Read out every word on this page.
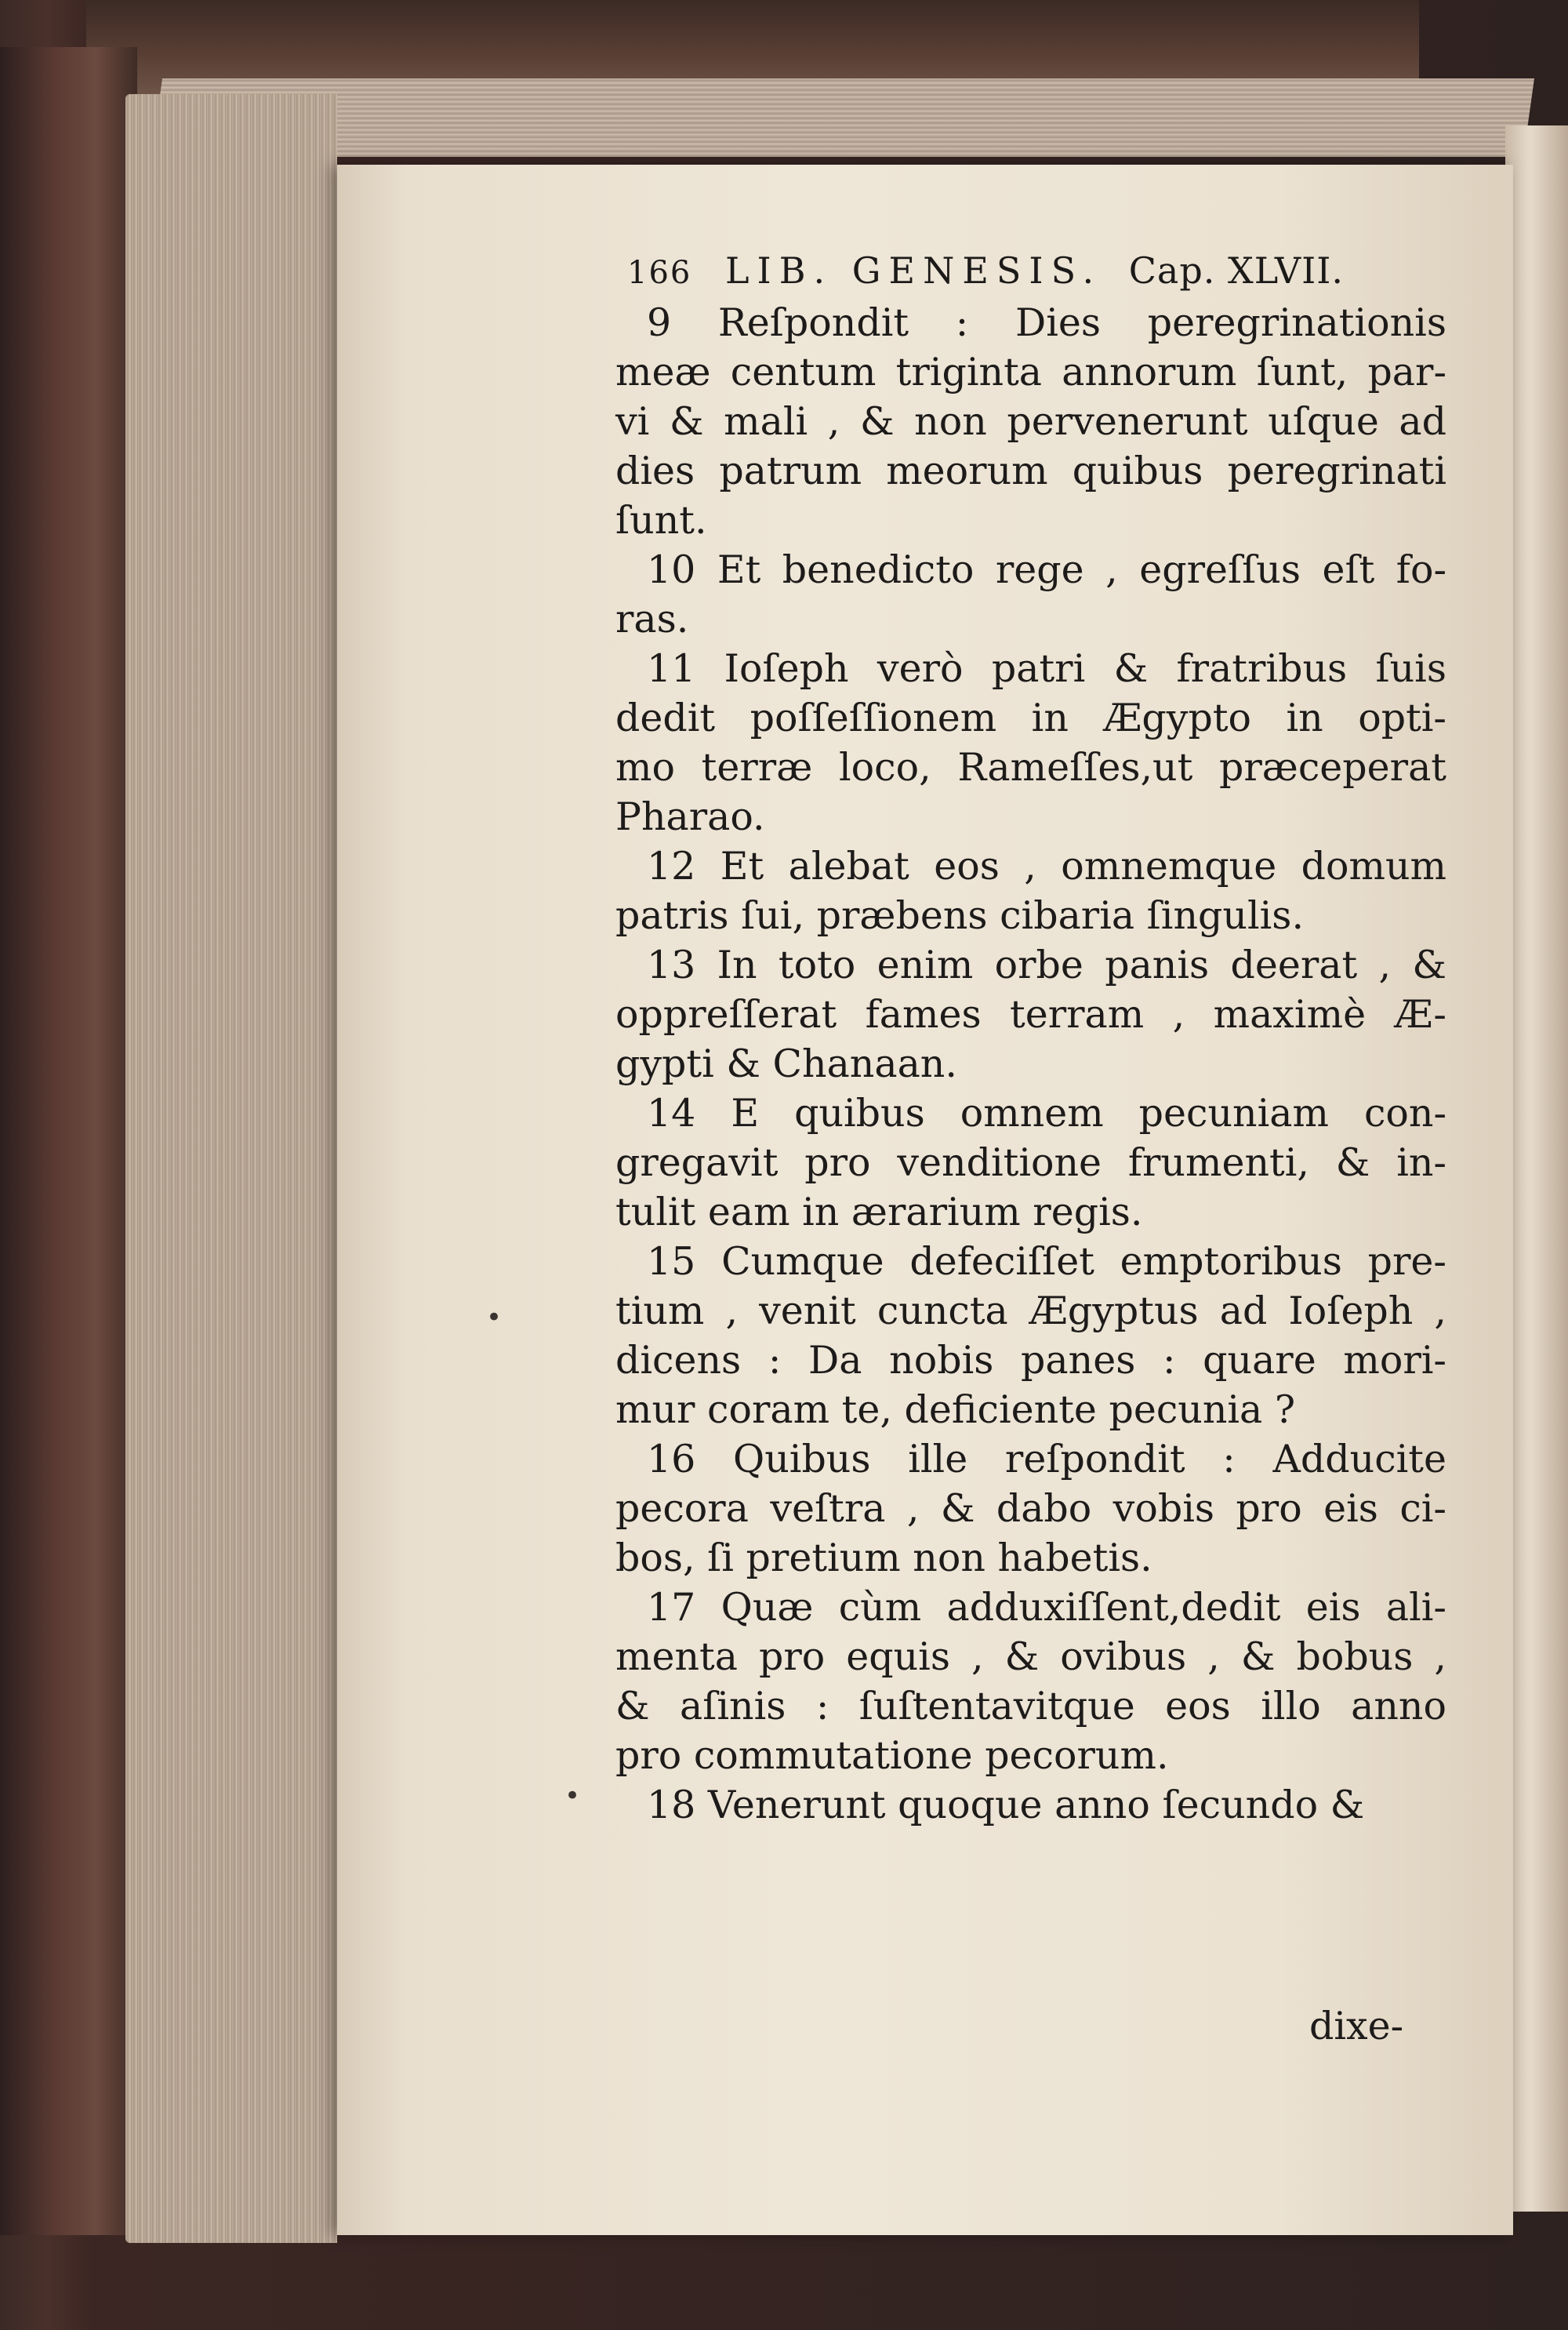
166 LIB. GENESIS. Cap. XLVII.
9 Reſpondit : Dies peregrinationis
meæ centum triginta annorum ſunt, par-
vi & mali , & non pervenerunt uſque ad
dies patrum meorum quibus peregrinati
ſunt.
10 Et benedicto rege , egreſſus eſt fo-
ras.
11 Ioſeph verò patri & fratribus ſuis
dedit poſſeſſionem in Ægypto in opti-
mo terræ loco, Rameſſes,ut præceperat
Pharao.
12 Et alebat eos , omnemque domum
patris ſui, præbens cibaria ſingulis.
13 In toto enim orbe panis deerat , &
oppreſſerat fames terram , maximè Æ-
gypti & Chanaan.
14 E quibus omnem pecuniam con-
gregavit pro venditione frumenti, & in-
tulit eam in ærarium regis.
15 Cumque defeciſſet emptoribus pre-
tium , venit cuncta Ægyptus ad Ioſeph ,
dicens : Da nobis panes : quare mori-
mur coram te, deficiente pecunia ?
16 Quibus ille reſpondit : Adducite
pecora veſtra , & dabo vobis pro eis ci-
bos, ſi pretium non habetis.
17 Quæ cùm adduxiſſent,dedit eis ali-
menta pro equis , & ovibus , & bobus ,
& aſinis : ſuſtentavitque eos illo anno
pro commutatione pecorum.
18 Venerunt quoque anno ſecundo &
dixe-
•
•
